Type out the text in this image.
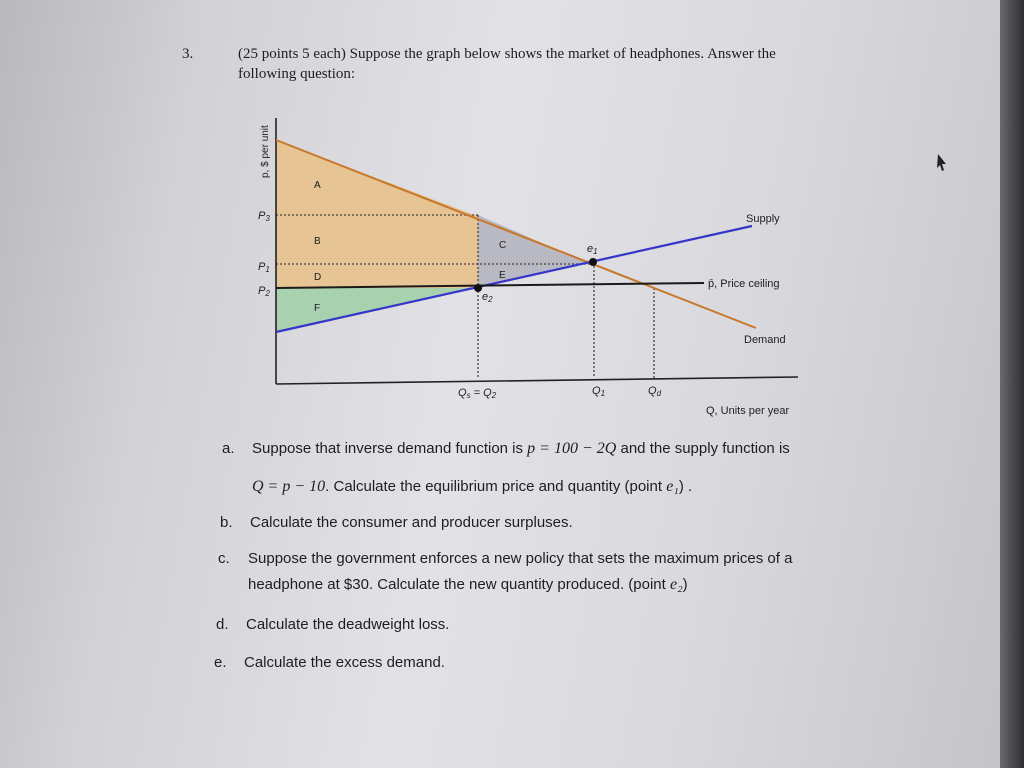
3.	(25 points 5 each) Suppose the graph below shows the market of headphones. Answer the
following question:
p, $ per unit
P3
P1
P2
A
B	C
D	E
F
e1
e2
Supply
Demand
p̄, Price ceiling
Qs = Q2	Q1	Qd
Q, Units per year
a. Suppose that inverse demand function is p = 100 − 2Q and the supply function is
Q = p − 10. Calculate the equilibrium price and quantity (point e₁) .
b. Calculate the consumer and producer surpluses.
c. Suppose the government enforces a new policy that sets the maximum prices of a
headphone at $30. Calculate the new quantity produced. (point e₂)
d. Calculate the deadweight loss.
e. Calculate the excess demand.
